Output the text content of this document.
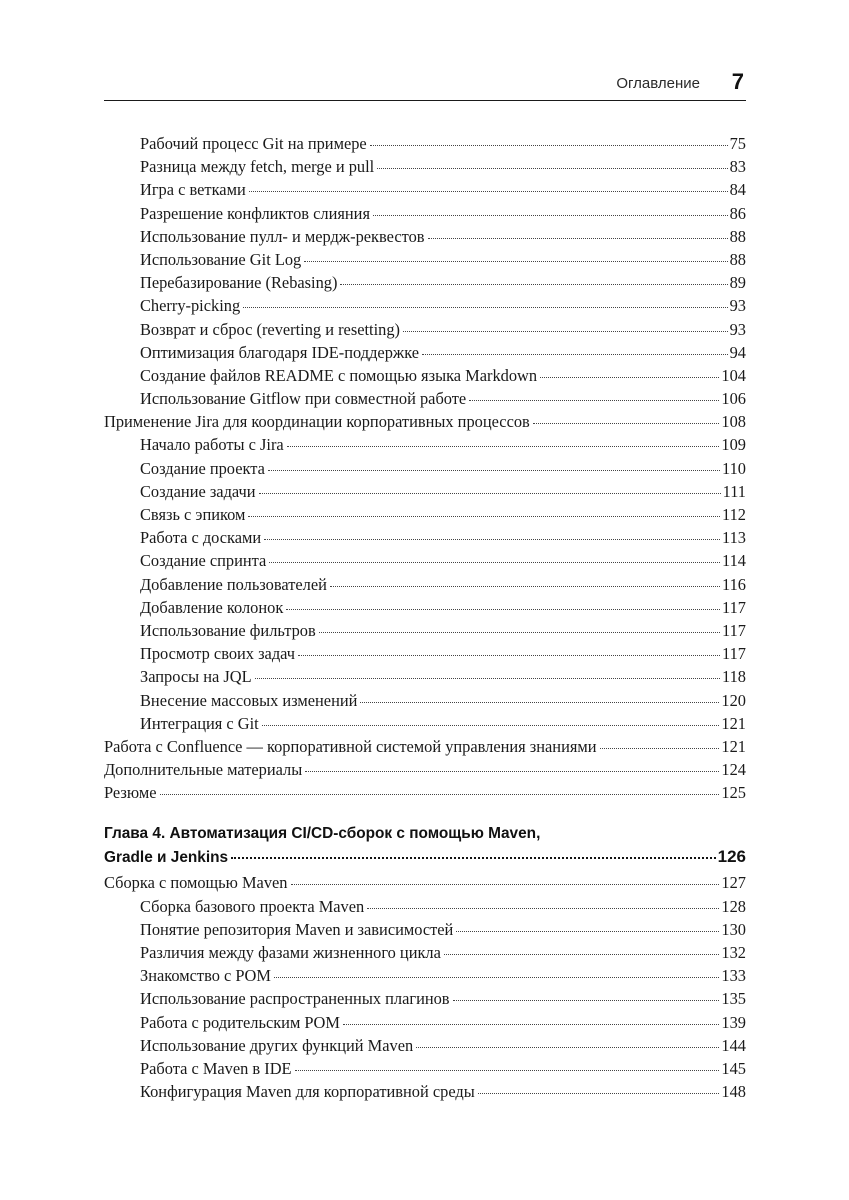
Оглавление 7
Рабочий процесс Git на примере	75
Разница между fetch, merge и pull	83
Игра с ветками	84
Разрешение конфликтов слияния	86
Использование пулл- и мердж-реквестов	88
Использование Git Log	88
Перебазирование (Rebasing)	89
Cherry-picking	93
Возврат и сброс (reverting и resetting)	93
Оптимизация благодаря IDE-поддержке	94
Создание файлов README с помощью языка Markdown	104
Использование Gitflow при совместной работе	106
Применение Jira для координации корпоративных процессов	108
Начало работы с Jira	109
Создание проекта	110
Создание задачи	111
Связь с эпиком	112
Работа с досками	113
Создание спринта	114
Добавление пользователей	116
Добавление колонок	117
Использование фильтров	117
Просмотр своих задач	117
Запросы на JQL	118
Внесение массовых изменений	120
Интеграция с Git	121
Работа с Confluence — корпоративной системой управления знаниями	121
Дополнительные материалы	124
Резюме	125
Глава 4. Автоматизация CI/CD-сборок с помощью Maven,
Gradle и Jenkins	126
Сборка с помощью Maven	127
Сборка базового проекта Maven	128
Понятие репозитория Maven и зависимостей	130
Различия между фазами жизненного цикла	132
Знакомство с POM	133
Использование распространенных плагинов	135
Работа с родительским POM	139
Использование других функций Maven	144
Работа с Maven в IDE	145
Конфигурация Maven для корпоративной среды	148
